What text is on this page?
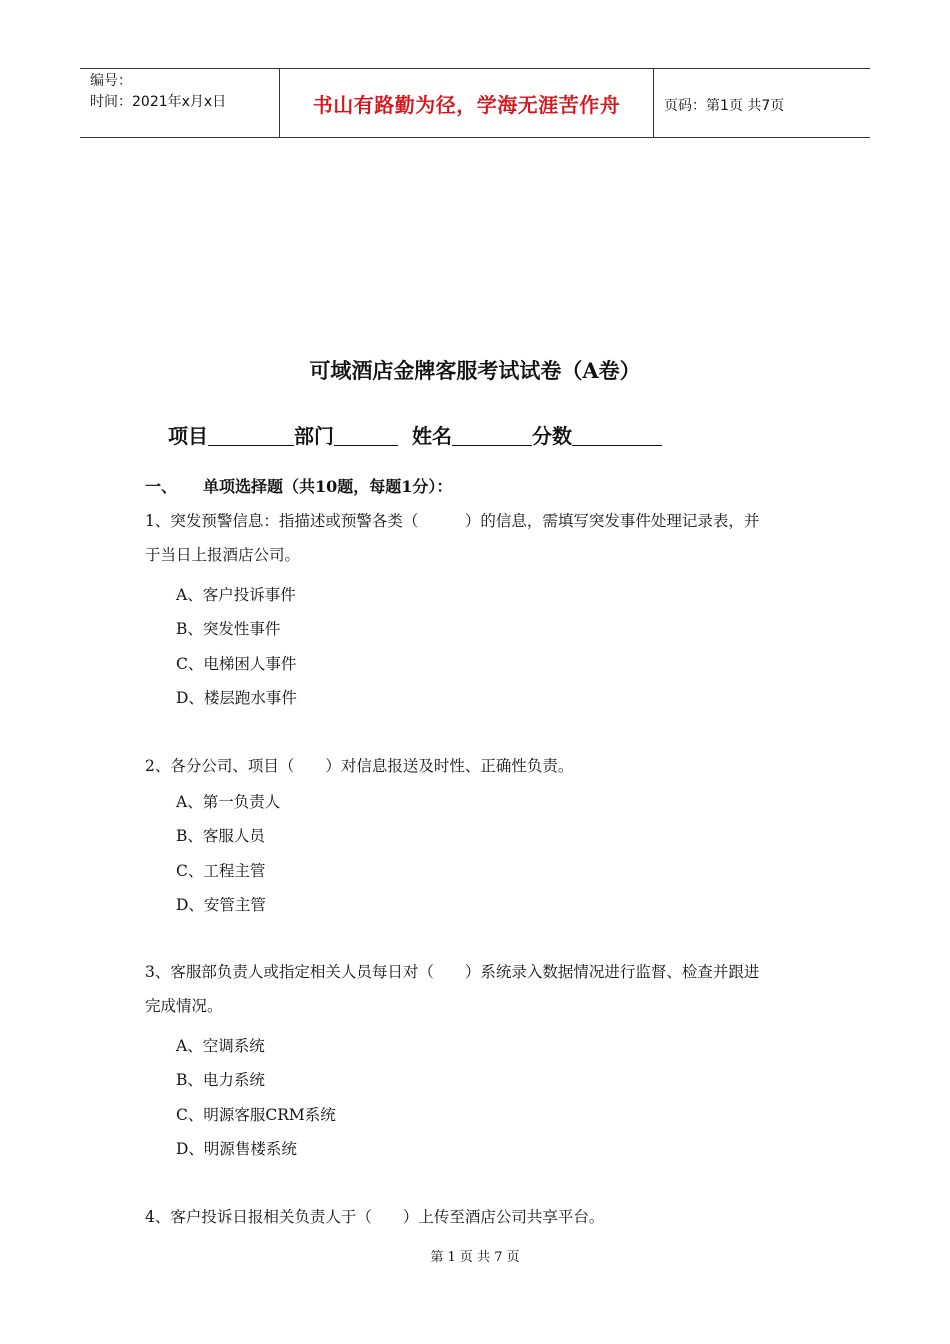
编号：
时间：2021年x月x日	书山有路勤为径，学海无涯苦作舟	页码：第1页 共7页
可域酒店金牌客服考试试卷（A卷）
项目	部门	姓名	分数
一、 单项选择题（共10题，每题1分）：
1、突发预警信息：指描述或预警各类（　　　）的信息，需填写突发事件处理记录表，并
于当日上报酒店公司。
A、客户投诉事件
B、突发性事件
C、电梯困人事件
D、楼层跑水事件
2、各分公司、项目（　　）对信息报送及时性、正确性负责。
A、第一负责人
B、客服人员
C、工程主管
D、安管主管
3、客服部负责人或指定相关人员每日对（　　）系统录入数据情况进行监督、检查并跟进
完成情况。
A、空调系统
B、电力系统
C、明源客服CRM系统
D、明源售楼系统
4、客户投诉日报相关负责人于（　　）上传至酒店公司共享平台。
第 1 页 共 7 页
